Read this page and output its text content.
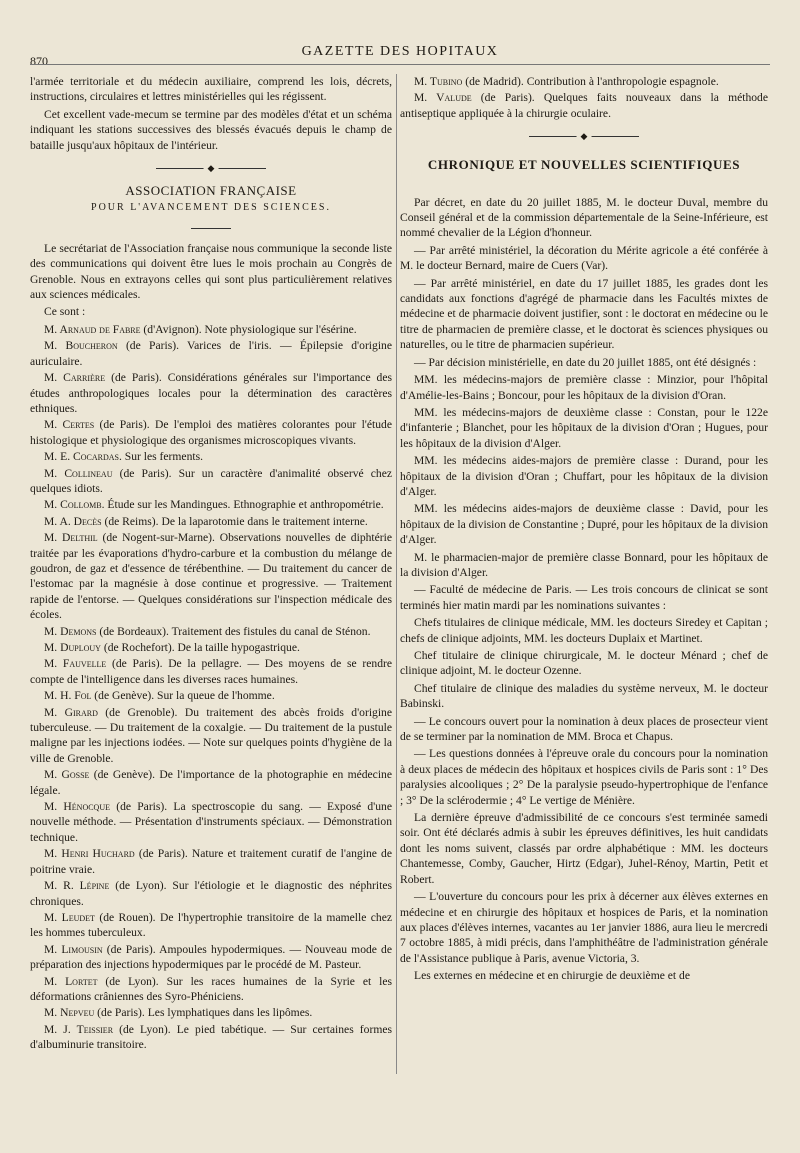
870
GAZETTE DES HOPITAUX

l'armée territoriale et du médecin auxiliaire, comprend les lois, décrets, instructions, circulaires et lettres ministérielles qui les régissent.

Cet excellent vade-mecum se termine par des modèles d'état et un schéma indiquant les stations successives des blessés évacués depuis le champ de bataille jusqu'aux hôpitaux de l'intérieur.

◆
ASSOCIATION FRANÇAISE
POUR L'AVANCEMENT DES SCIENCES.

Le secrétariat de l'Association française nous communique la seconde liste des communications qui doivent être lues le mois prochain au Congrès de Grenoble. Nous en extrayons celles qui sont plus particulièrement relatives aux sciences médicales.

Ce sont :

M. Arnaud de Fabre (d'Avignon). Note physiologique sur l'ésérine.

M. Boucheron (de Paris). Varices de l'iris. — Épilepsie d'origine auriculaire.

M. Carrière (de Paris). Considérations générales sur l'importance des études anthropologiques locales pour la détermination des caractères ethniques.

M. Certes (de Paris). De l'emploi des matières colorantes pour l'étude histologique et physiologique des organismes microscopiques vivants.

M. E. Cocardas. Sur les ferments.

M. Collineau (de Paris). Sur un caractère d'animalité observé chez quelques idiots.

M. Collomb. Étude sur les Mandingues. Ethnographie et anthropométrie.

M. A. Decès (de Reims). De la laparotomie dans le traitement interne.

M. Delthil (de Nogent-sur-Marne). Observations nouvelles de diphtérie traitée par les évaporations d'hydro-carbure et la combustion du mélange de goudron, de gaz et d'essence de térébenthine. — Du traitement du cancer de l'estomac par la magnésie à dose continue et progressive. — Traitement rapide de l'entorse. — Quelques considérations sur l'inspection médicale des écoles.

M. Demons (de Bordeaux). Traitement des fistules du canal de Sténon.

M. Duplouy (de Rochefort). De la taille hypogastrique.

M. Fauvelle (de Paris). De la pellagre. — Des moyens de se rendre compte de l'intelligence dans les diverses races humaines.

M. H. Fol (de Genève). Sur la queue de l'homme.

M. Girard (de Grenoble). Du traitement des abcès froids d'origine tuberculeuse. — Du traitement de la coxalgie. — Du traitement de la pustule maligne par les injections iodées. — Note sur quelques points d'hygiène de la ville de Grenoble.

M. Gosse (de Genève). De l'importance de la photographie en médecine légale.

M. Hénocque (de Paris). La spectroscopie du sang. — Exposé d'une nouvelle méthode. — Présentation d'instruments spéciaux. — Démonstration technique.

M. Henri Huchard (de Paris). Nature et traitement curatif de l'angine de poitrine vraie.

M. R. Lépine (de Lyon). Sur l'étiologie et le diagnostic des néphrites chroniques.

M. Leudet (de Rouen). De l'hypertrophie transitoire de la mamelle chez les hommes tuberculeux.

M. Limousin (de Paris). Ampoules hypodermiques. — Nouveau mode de préparation des injections hypodermiques par le procédé de M. Pasteur.

M. Lortet (de Lyon). Sur les races humaines de la Syrie et les déformations crâniennes des Syro-Phéniciens.

M. Nepveu (de Paris). Les lymphatiques dans les lipômes.

M. J. Teissier (de Lyon). Le pied tabétique. — Sur certaines formes d'albuminurie transitoire.

M. Tubino (de Madrid). Contribution à l'anthropologie espagnole.

M. Valude (de Paris). Quelques faits nouveaux dans la méthode antiseptique appliquée à la chirurgie oculaire.

◆
CHRONIQUE ET NOUVELLES SCIENTIFIQUES

Par décret, en date du 20 juillet 1885, M. le docteur Duval, membre du Conseil général et de la commission départementale de la Seine-Inférieure, est nommé chevalier de la Légion d'honneur.

— Par arrêté ministériel, la décoration du Mérite agricole a été conférée à M. le docteur Bernard, maire de Cuers (Var).

— Par arrêté ministériel, en date du 17 juillet 1885, les grades dont les candidats aux fonctions d'agrégé de pharmacie dans les Facultés mixtes de médecine et de pharmacie doivent justifier, sont : le doctorat en médecine ou le titre de pharmacien de première classe, et le doctorat ès sciences physiques ou naturelles, ou le titre de pharmacien supérieur.

— Par décision ministérielle, en date du 20 juillet 1885, ont été désignés :

MM. les médecins-majors de première classe : Minzior, pour l'hôpital d'Amélie-les-Bains ; Boncour, pour les hôpitaux de la division d'Oran.

MM. les médecins-majors de deuxième classe : Constan, pour le 122e d'infanterie ; Blanchet, pour les hôpitaux de la division d'Oran ; Hugues, pour les hôpitaux de la division d'Alger.

MM. les médecins aides-majors de première classe : Durand, pour les hôpitaux de la division d'Oran ; Chuffart, pour les hôpitaux de la division d'Alger.

MM. les médecins aides-majors de deuxième classe : David, pour les hôpitaux de la division de Constantine ; Dupré, pour les hôpitaux de la division d'Alger.

M. le pharmacien-major de première classe Bonnard, pour les hôpitaux de la division d'Alger.

— Faculté de médecine de Paris. — Les trois concours de clinicat se sont terminés hier matin mardi par les nominations suivantes :

Chefs titulaires de clinique médicale, MM. les docteurs Siredey et Capitan ; chefs de clinique adjoints, MM. les docteurs Duplaix et Martinet.

Chef titulaire de clinique chirurgicale, M. le docteur Ménard ; chef de clinique adjoint, M. le docteur Ozenne.

Chef titulaire de clinique des maladies du système nerveux, M. le docteur Babinski.

— Le concours ouvert pour la nomination à deux places de prosecteur vient de se terminer par la nomination de MM. Broca et Chapus.

— Les questions données à l'épreuve orale du concours pour la nomination à deux places de médecin des hôpitaux et hospices civils de Paris sont : 1° Des paralysies alcooliques ; 2° De la paralysie pseudo-hypertrophique de l'enfance ; 3° De la sclérodermie ; 4° Le vertige de Ménière.

La dernière épreuve d'admissibilité de ce concours s'est terminée samedi soir. Ont été déclarés admis à subir les épreuves définitives, les huit candidats dont les noms suivent, classés par ordre alphabétique : MM. les docteurs Chantemesse, Comby, Gaucher, Hirtz (Edgar), Juhel-Rénoy, Martin, Petit et Robert.

— L'ouverture du concours pour les prix à décerner aux élèves externes en médecine et en chirurgie des hôpitaux et hospices de Paris, et la nomination aux places d'élèves internes, vacantes au 1er janvier 1886, aura lieu le mercredi 7 octobre 1885, à midi précis, dans l'amphithéâtre de l'administration générale de l'Assistance publique à Paris, avenue Victoria, 3.

Les externes en médecine et en chirurgie de deuxième et de
